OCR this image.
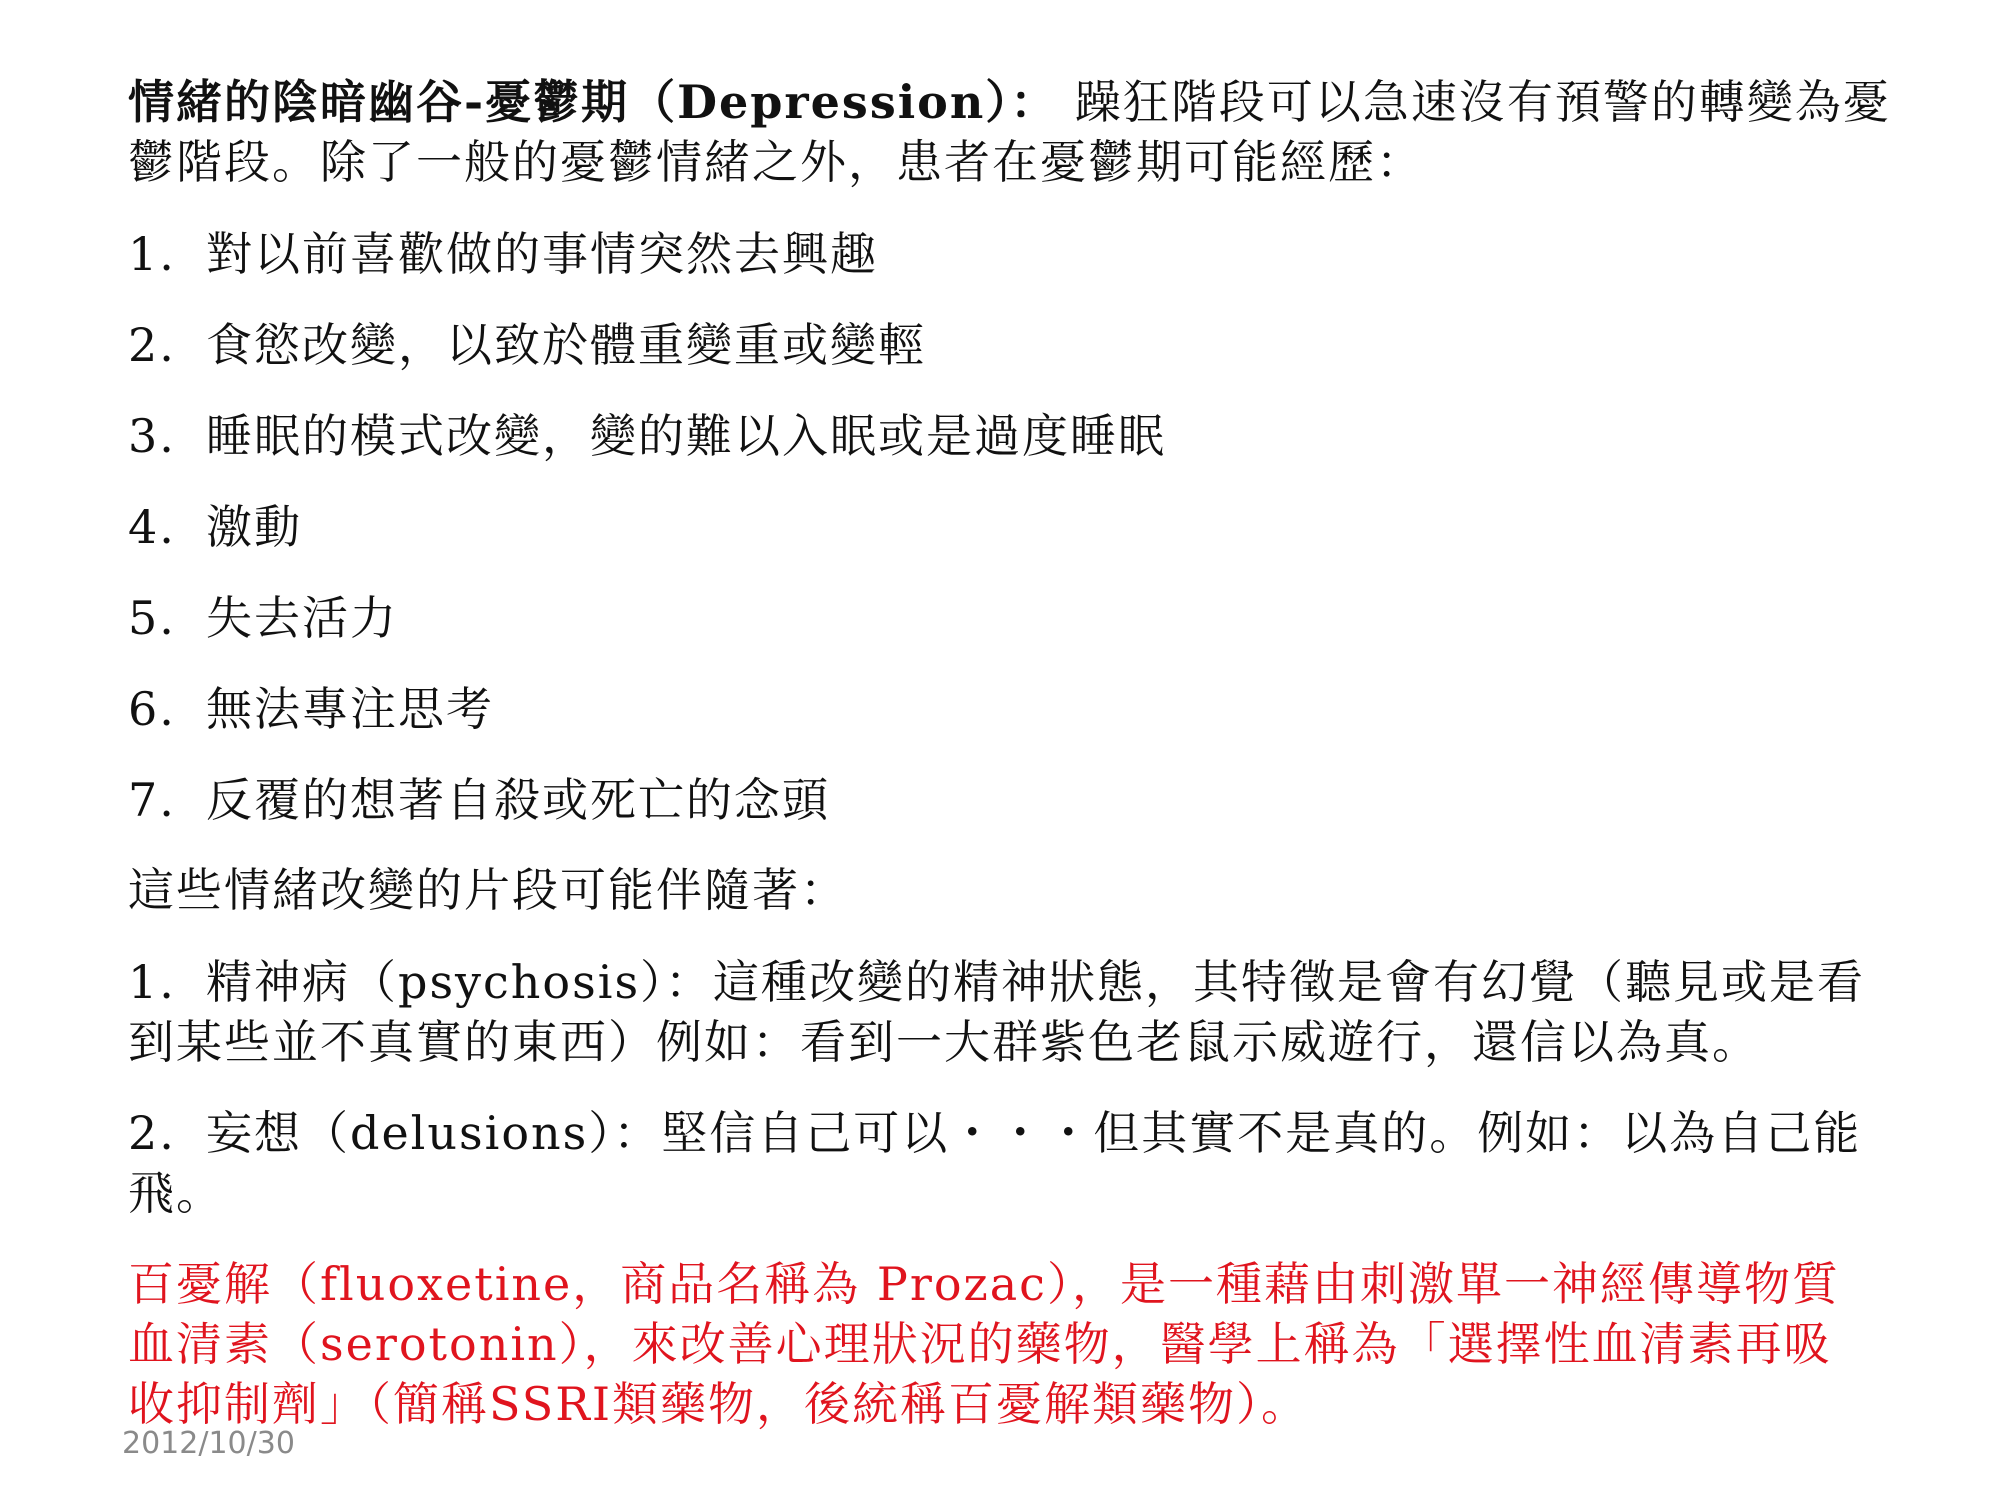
情緒的陰暗幽谷-憂鬱期（Depression）： 躁狂階段可以急速沒有預警的轉變為憂
鬱階段。除了一般的憂鬱情緒之外，患者在憂鬱期可能經歷：
1. 對以前喜歡做的事情突然去興趣
2. 食慾改變，以致於體重變重或變輕
3. 睡眠的模式改變，變的難以入眠或是過度睡眠
4. 激動
5. 失去活力
6. 無法專注思考
7. 反覆的想著自殺或死亡的念頭
這些情緒改變的片段可能伴隨著：
1. 精神病（psychosis）：這種改變的精神狀態，其特徵是會有幻覺（聽見或是看
到某些並不真實的東西）例如：看到一大群紫色老鼠示威遊行，還信以為真。
2. 妄想（delusions）：堅信自己可以・・・但其實不是真的。例如：以為自己能
飛。
百憂解（fluoxetine，商品名稱為 Prozac），是一種藉由刺激單一神經傳導物質
血清素（serotonin），來改善心理狀況的藥物，醫學上稱為「選擇性血清素再吸
收抑制劑」（簡稱SSRI類藥物，後統稱百憂解類藥物）。
2012/10/30
